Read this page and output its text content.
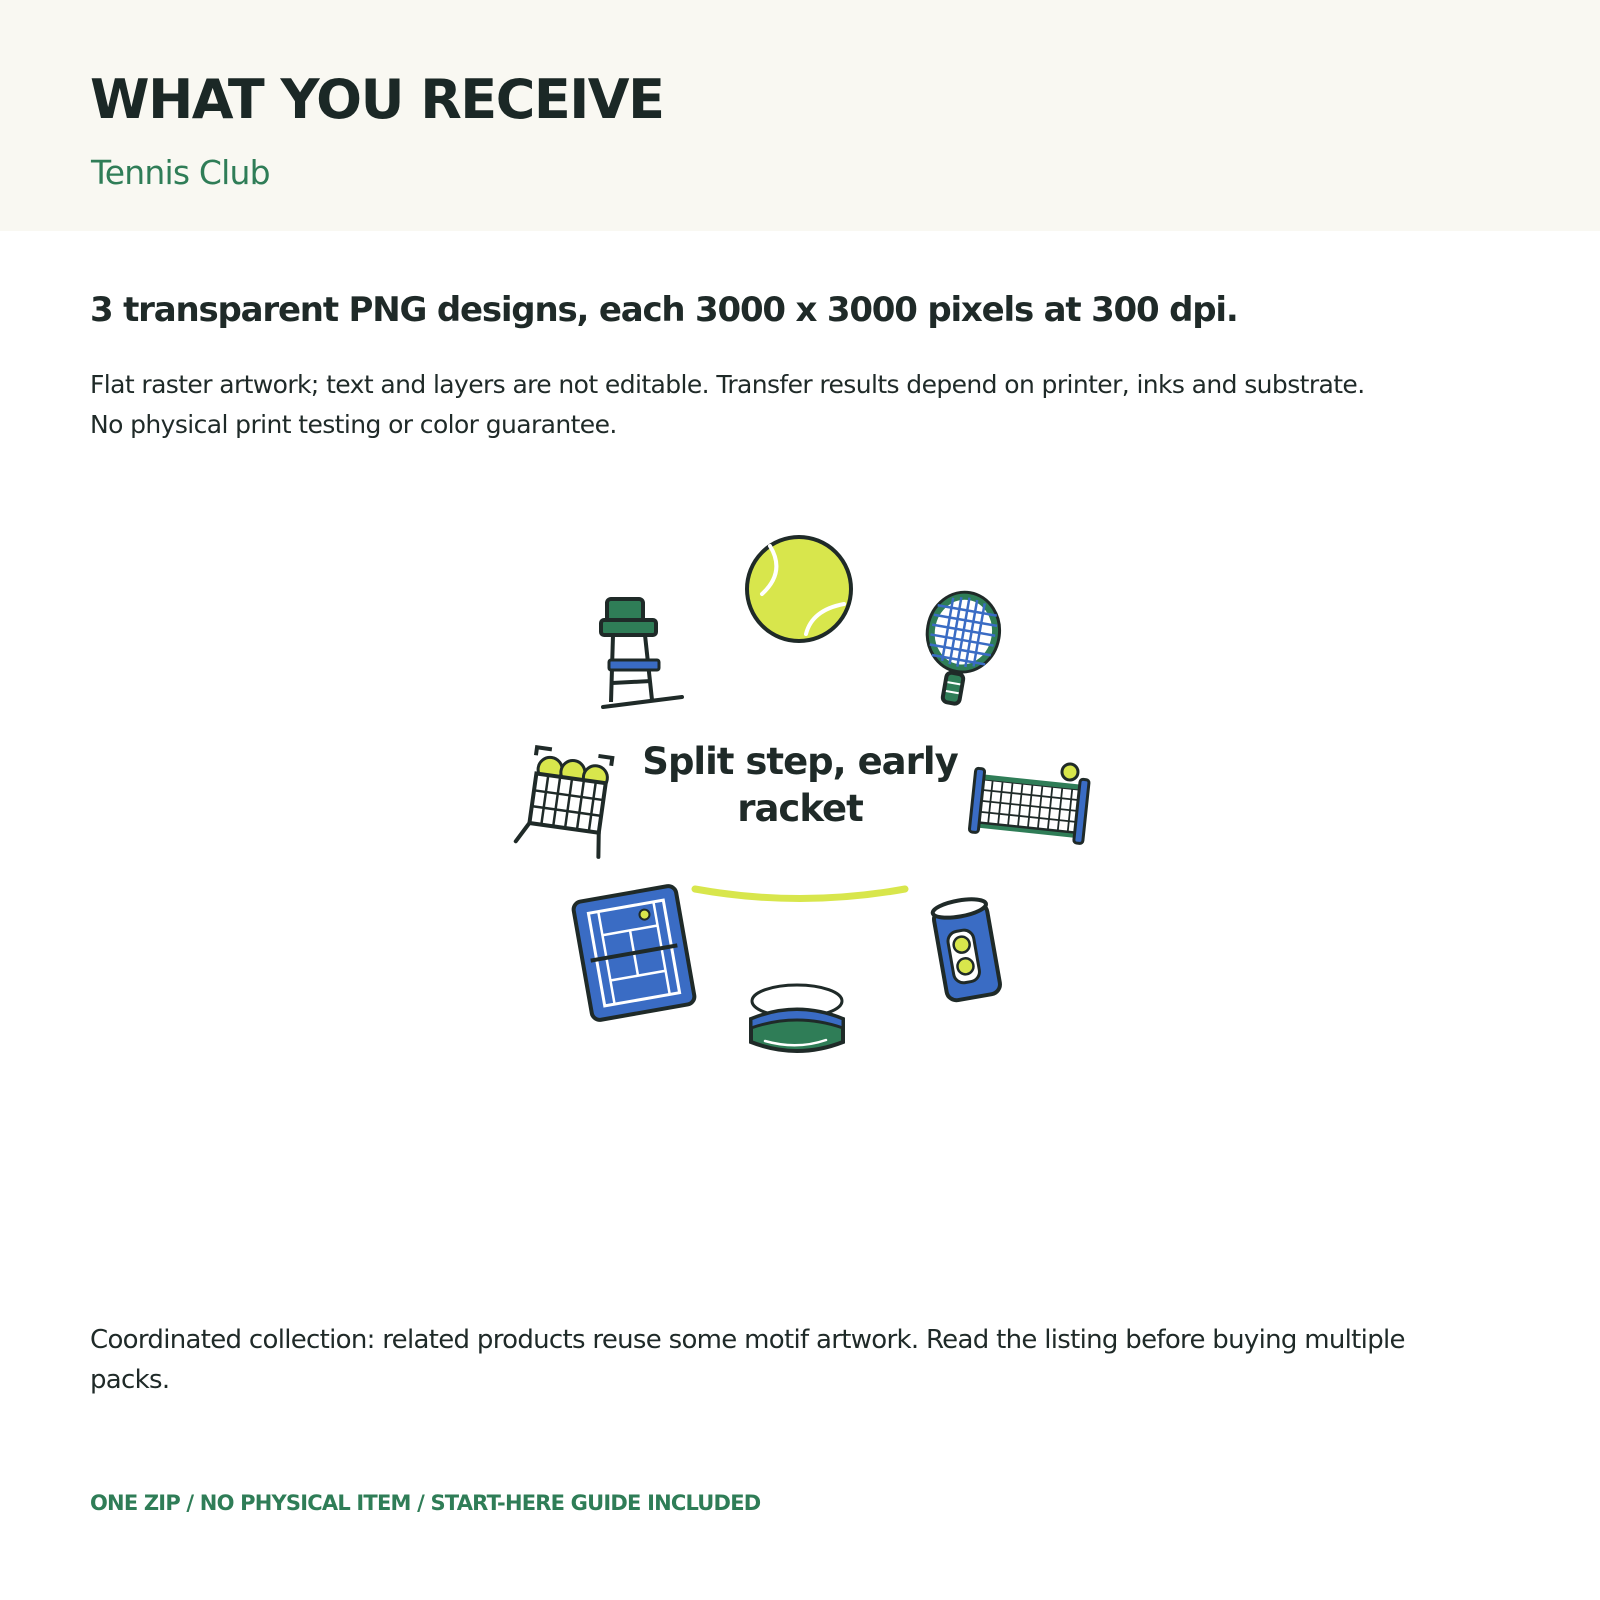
WHAT YOU RECEIVE

Tennis Club

3 transparent PNG designs, each 3000 x 3000 pixels at 300 dpi.

Flat raster artwork; text and layers are not editable. Transfer results depend on printer, inks and substrate.
No physical print testing or color guarantee.

Split step, early
racket

Coordinated collection: related products reuse some motif artwork. Read the listing before buying multiple
packs.

ONE ZIP / NO PHYSICAL ITEM / START-HERE GUIDE INCLUDED
